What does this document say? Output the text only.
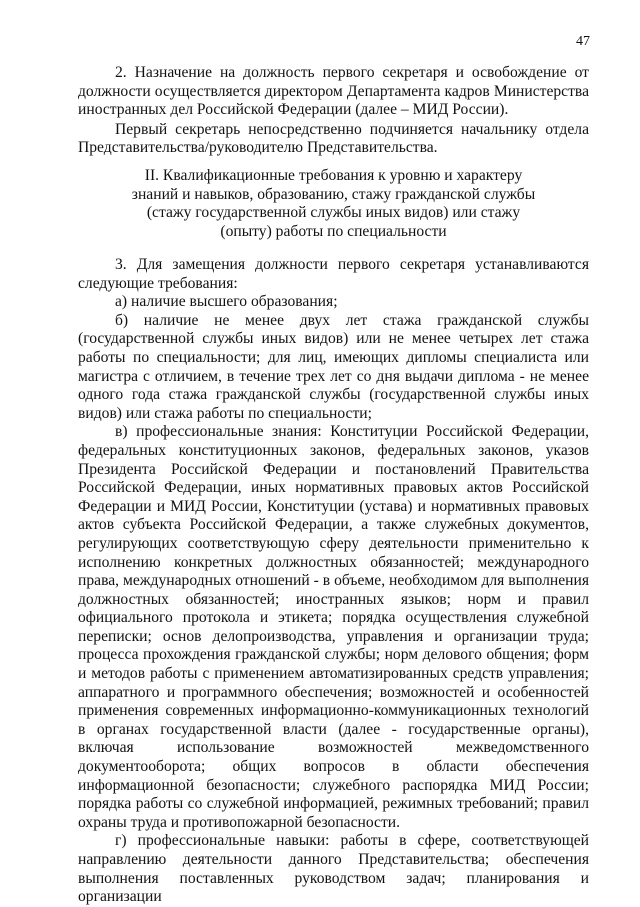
47

2. Назначение на должность первого секретаря и освобождение от должности осуществляется директором Департамента кадров Министерства иностранных дел Российской Федерации (далее – МИД России).

Первый секретарь непосредственно подчиняется начальнику отдела Представительства/руководителю Представительства.

II. Квалификационные требования к уровню и характеру

знаний и навыков, образованию, стажу гражданской службы

(стажу государственной службы иных видов) или стажу

(опыту) работы по специальности

3. Для замещения должности первого секретаря устанавливаются следующие требования:

а) наличие высшего образования;

б) наличие не менее двух лет стажа гражданской службы (государственной службы иных видов) или не менее четырех лет стажа работы по специальности; для лиц, имеющих дипломы специалиста или магистра с отличием, в течение трех лет со дня выдачи диплома - не менее одного года стажа гражданской службы (государственной службы иных видов) или стажа работы по специальности;

в) профессиональные знания: Конституции Российской Федерации, федеральных конституционных законов, федеральных законов, указов Президента Российской Федерации и постановлений Правительства Российской Федерации, иных нормативных правовых актов Российской Федерации и МИД России, Конституции (устава) и нормативных правовых актов субъекта Российской Федерации, а также служебных документов, регулирующих соответствующую сферу деятельности применительно к исполнению конкретных должностных обязанностей; международного права, международных отношений - в объеме, необходимом для выполнения должностных обязанностей; иностранных языков; норм и правил официального протокола и этикета; порядка осуществления служебной переписки; основ делопроизводства, управления и организации труда; процесса прохождения гражданской службы; норм делового общения; форм и методов работы с применением автоматизированных средств управления; аппаратного и программного обеспечения; возможностей и особенностей применения современных информационно-коммуникационных технологий в органах государственной власти (далее - государственные органы), включая использование возможностей межведомственного документооборота; общих вопросов в области обеспечения информационной безопасности; служебного распорядка МИД России; порядка работы со служебной информацией, режимных требований; правил охраны труда и противопожарной безопасности.

г) профессиональные навыки: работы в сфере, соответствующей направлению деятельности данного Представительства; обеспечения выполнения поставленных руководством задач; планирования и организации
